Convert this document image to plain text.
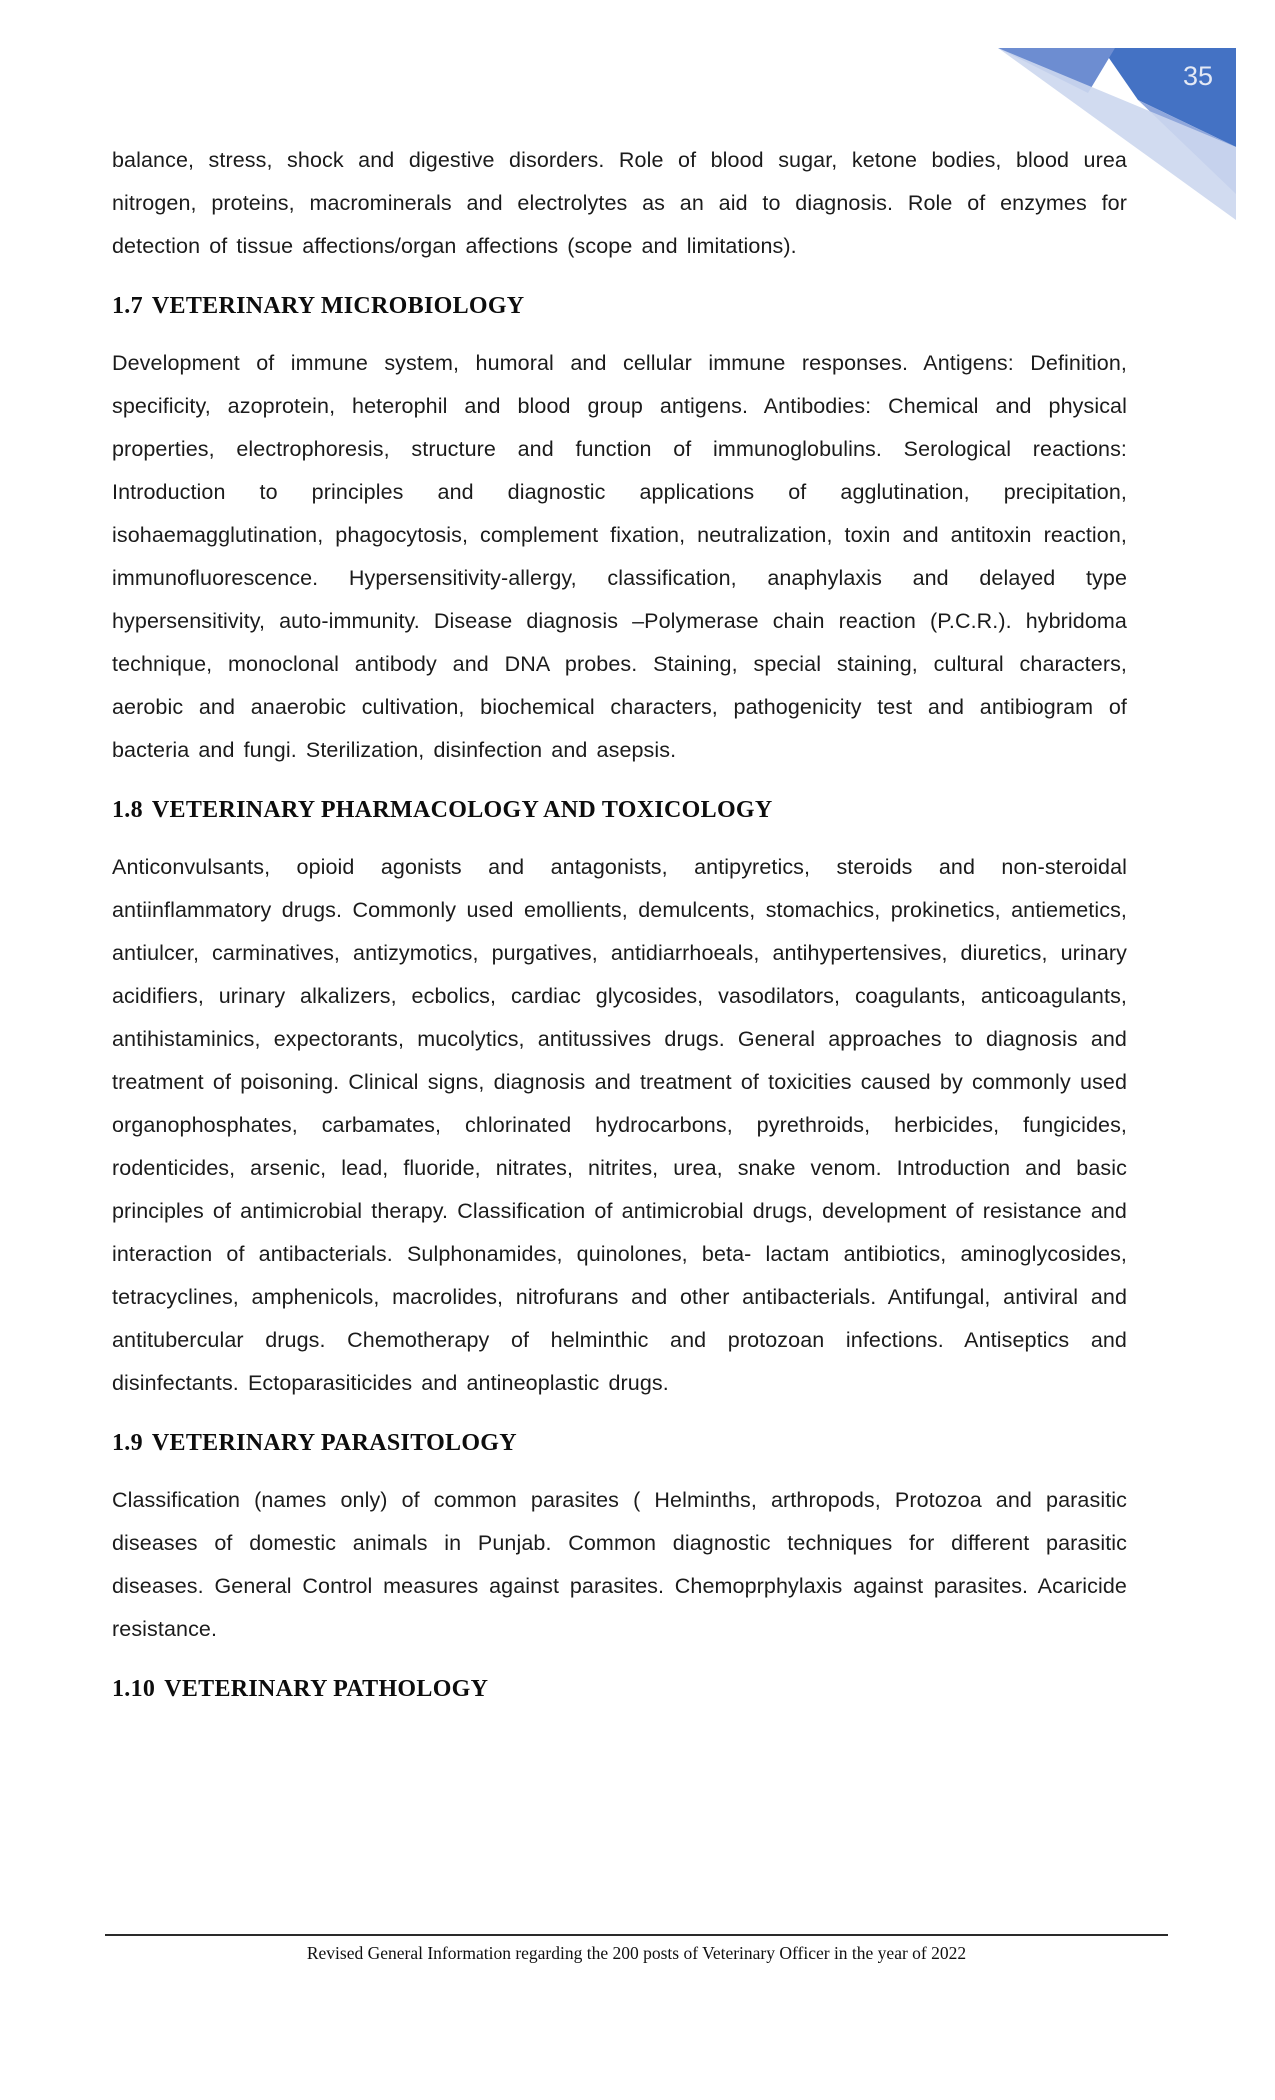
35

balance, stress, shock and digestive disorders. Role of blood sugar, ketone bodies, blood urea nitrogen, proteins, macrominerals and electrolytes as an aid to diagnosis. Role of enzymes for detection of tissue affections/organ affections (scope and limitations).

1.7 VETERINARY MICROBIOLOGY

Development of immune system, humoral and cellular immune responses. Antigens: Definition, specificity, azoprotein, heterophil and blood group antigens. Antibodies: Chemical and physical properties, electrophoresis, structure and function of immunoglobulins. Serological reactions: Introduction to principles and diagnostic applications of agglutination, precipitation, isohaemagglutination, phagocytosis, complement fixation, neutralization, toxin and antitoxin reaction, immunofluorescence. Hypersensitivity-allergy, classification, anaphylaxis and delayed type hypersensitivity, auto-immunity. Disease diagnosis –Polymerase chain reaction (P.C.R.). hybridoma technique, monoclonal antibody and DNA probes. Staining, special staining, cultural characters, aerobic and anaerobic cultivation, biochemical characters, pathogenicity test and antibiogram of bacteria and fungi. Sterilization, disinfection and asepsis.

1.8 VETERINARY PHARMACOLOGY AND TOXICOLOGY

Anticonvulsants, opioid agonists and antagonists, antipyretics, steroids and non-steroidal antiinflammatory drugs. Commonly used emollients, demulcents, stomachics, prokinetics, antiemetics, antiulcer, carminatives, antizymotics, purgatives, antidiarrhoeals, antihypertensives, diuretics, urinary acidifiers, urinary alkalizers, ecbolics, cardiac glycosides, vasodilators, coagulants, anticoagulants, antihistaminics, expectorants, mucolytics, antitussives drugs. General approaches to diagnosis and treatment of poisoning. Clinical signs, diagnosis and treatment of toxicities caused by commonly used organophosphates, carbamates, chlorinated hydrocarbons, pyrethroids, herbicides, fungicides, rodenticides, arsenic, lead, fluoride, nitrates, nitrites, urea, snake venom. Introduction and basic principles of antimicrobial therapy. Classification of antimicrobial drugs, development of resistance and interaction of antibacterials. Sulphonamides, quinolones, beta- lactam antibiotics, aminoglycosides, tetracyclines, amphenicols, macrolides, nitrofurans and other antibacterials. Antifungal, antiviral and antitubercular drugs. Chemotherapy of helminthic and protozoan infections. Antiseptics and disinfectants. Ectoparasiticides and antineoplastic drugs.

1.9 VETERINARY PARASITOLOGY

Classification (names only) of common parasites ( Helminths, arthropods, Protozoa and parasitic diseases of domestic animals in Punjab. Common diagnostic techniques for different parasitic diseases. General Control measures against parasites. Chemoprphylaxis against parasites. Acaricide resistance.

1.10 VETERINARY PATHOLOGY
Revised General Information regarding the 200 posts of Veterinary Officer in the year of 2022
